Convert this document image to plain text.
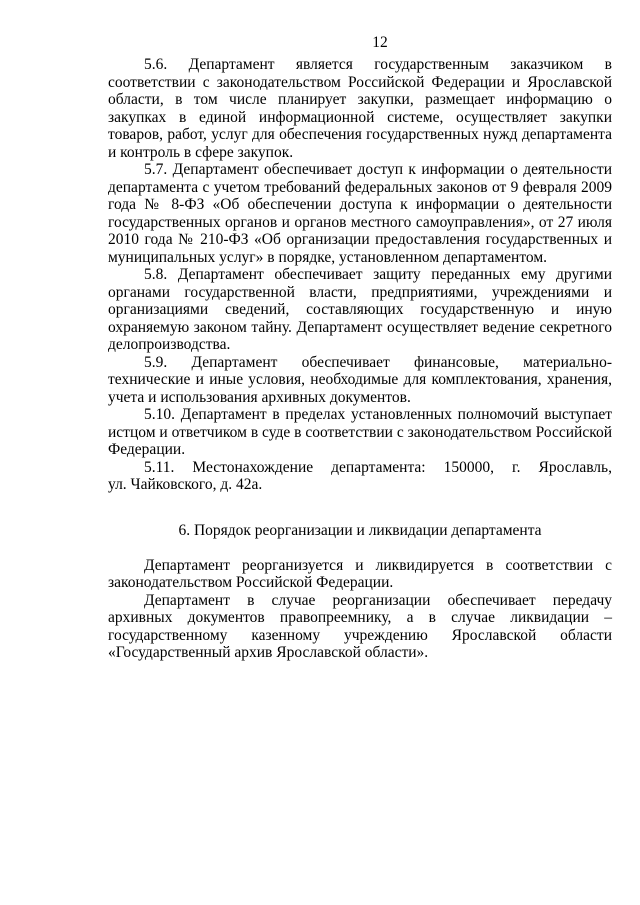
12

5.6. Департамент является государственным заказчиком в соответствии с законодательством Российской Федерации и Ярославской области, в том числе планирует закупки, размещает информацию о закупках в единой информационной системе, осуществляет закупки товаров, работ, услуг для обеспечения государственных нужд департамента и контроль в сфере закупок.

5.7. Департамент обеспечивает доступ к информации о деятельности департамента с учетом требований федеральных законов от 9 февраля 2009 года № 8-ФЗ «Об обеспечении доступа к информации о деятельности государственных органов и органов местного самоуправления», от 27 июля 2010 года № 210-ФЗ «Об организации предоставления государственных и муниципальных услуг» в порядке, установленном департаментом.

5.8. Департамент обеспечивает защиту переданных ему другими органами государственной власти, предприятиями, учреждениями и организациями сведений, составляющих государственную и иную охраняемую законом тайну. Департамент осуществляет ведение секретного делопроизводства.

5.9. Департамент обеспечивает финансовые, материально-технические и иные условия, необходимые для комплектования, хранения, учета и использования архивных документов.

5.10. Департамент в пределах установленных полномочий выступает истцом и ответчиком в суде в соответствии с законодательством Российской Федерации.

5.11. Местонахождение департамента: 150000, г. Ярославль,

ул. Чайковского, д. 42а.

6. Порядок реорганизации и ликвидации департамента

Департамент реорганизуется и ликвидируется в соответствии с законодательством Российской Федерации.

Департамент в случае реорганизации обеспечивает передачу архивных документов правопреемнику, а в случае ликвидации – государственному казенному учреждению Ярославской области «Государственный архив Ярославской области».
